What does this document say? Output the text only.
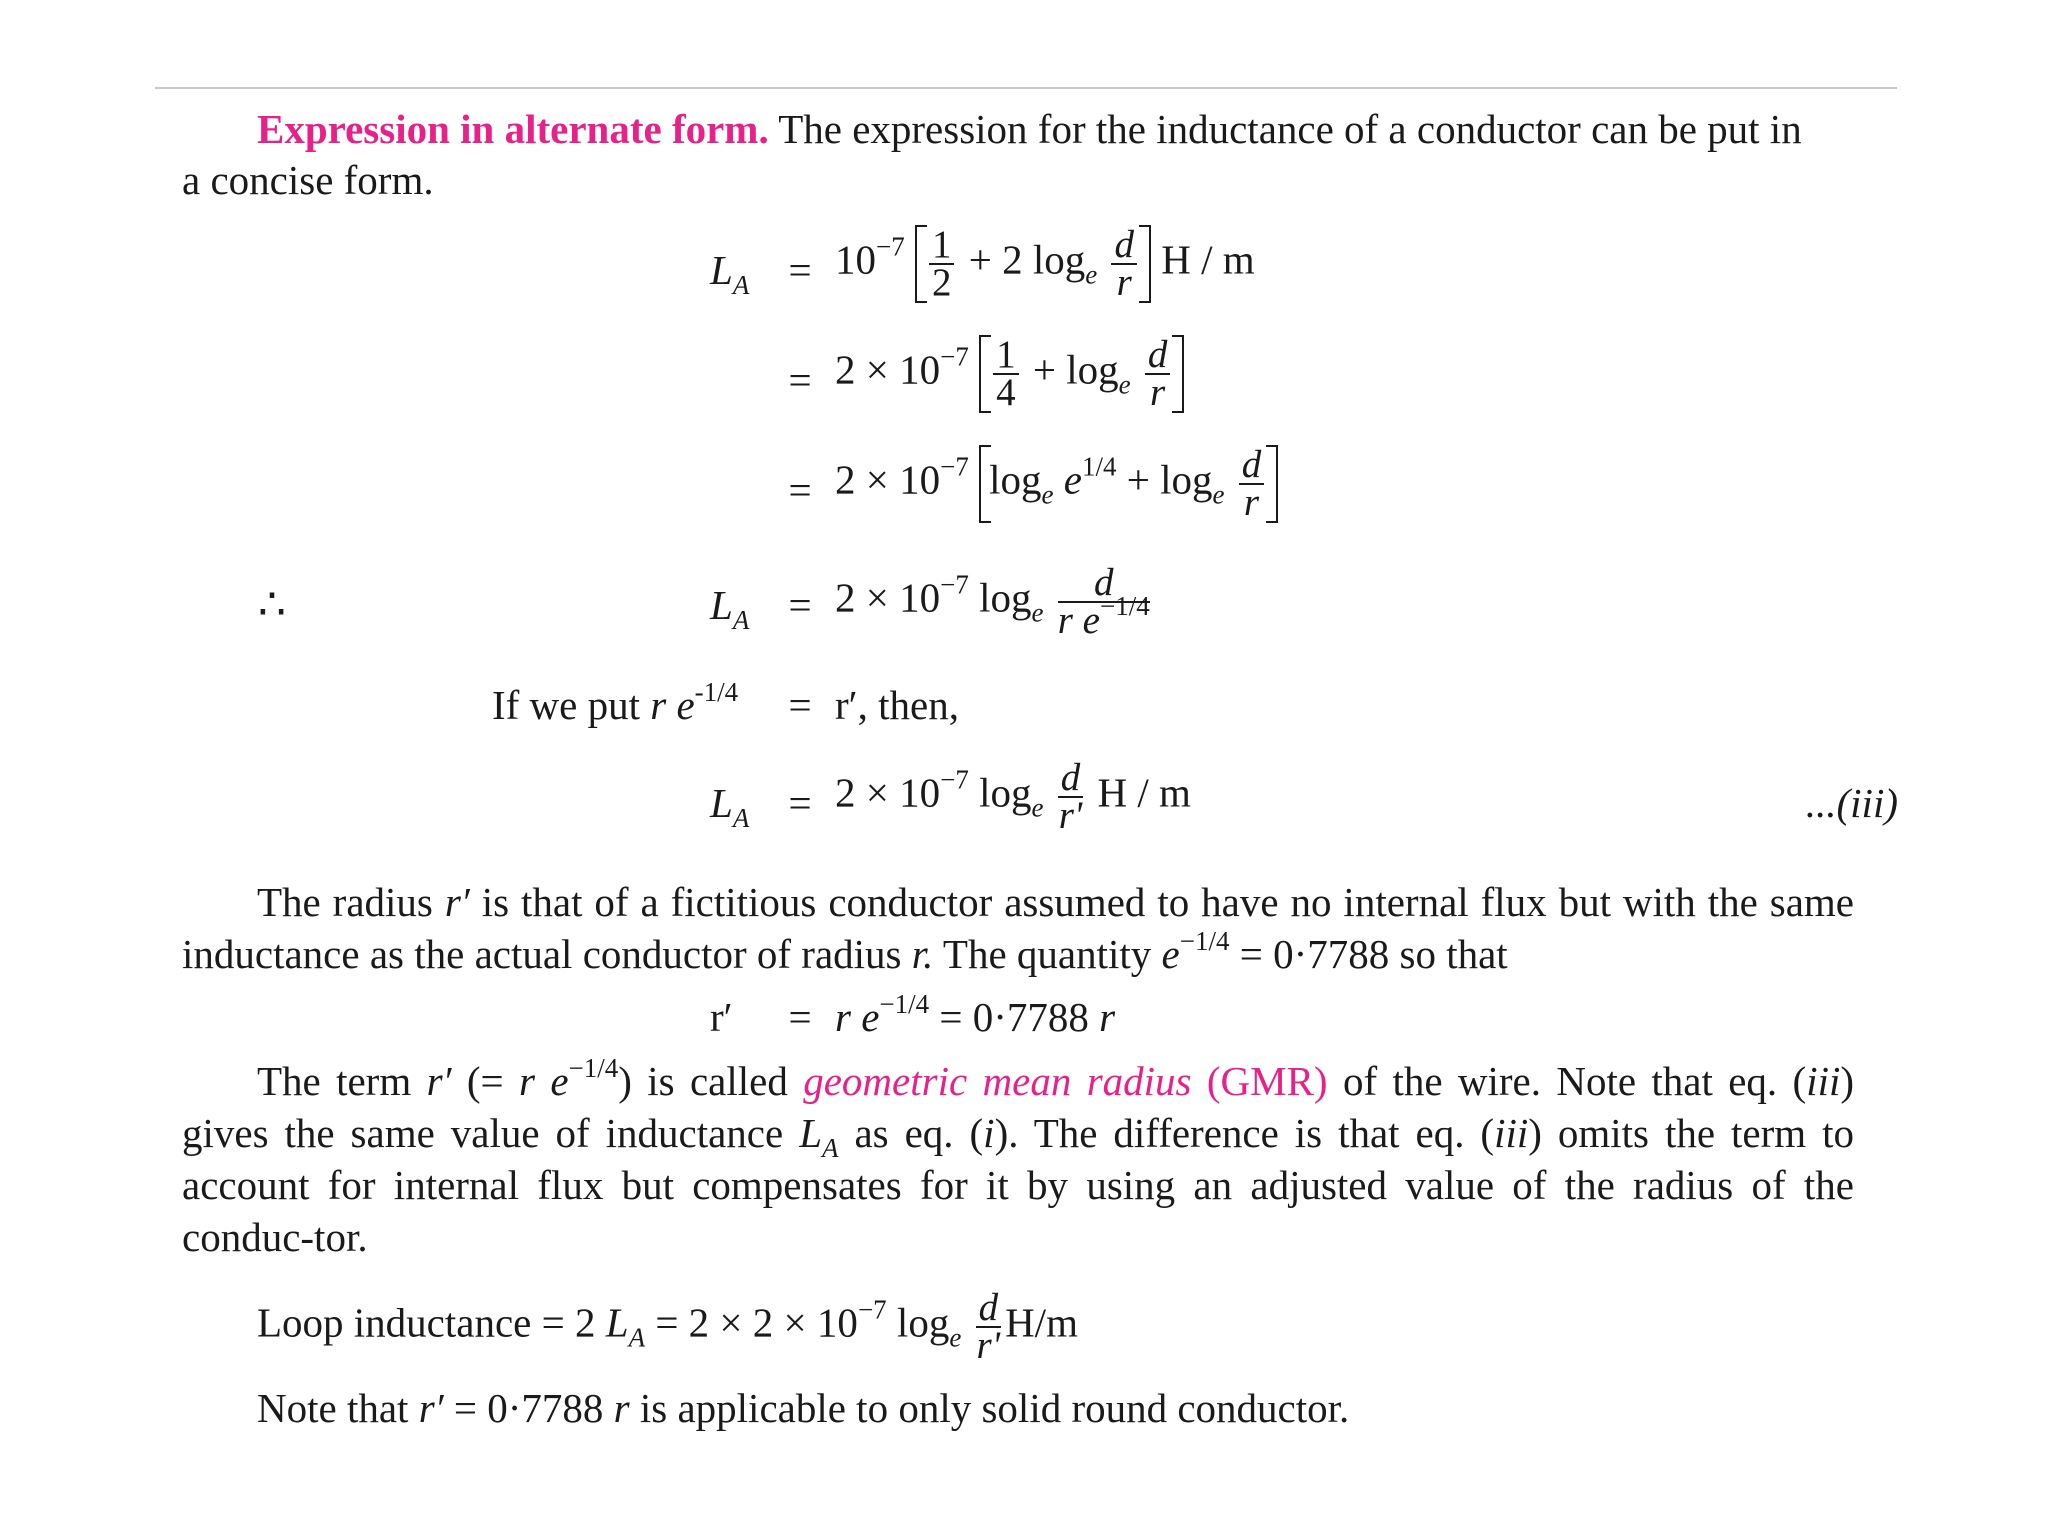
Expression in alternate form. The expression for the inductance of a conductor can be put in
a concise form.
$L_A = 10^{-7} \frac{1}{2} + 2$ $\log_e \frac{d}{r}$ H / m
= $2 \times 10^{-7} \frac{1}{4} + \log_e \frac{d}{r}$
= $2 \times 10^{-7}$ $\log_e e^{1/4} + \log_e \frac{d}{r}$
∴	$L_A = 2 \times 10^{-7}$ $\log_e \frac{d}{r e^{-1/4}}$
If we put r $e^{-1/4} = r'$, then,
$L_A = 2 \times 10^{-7}$ $\log_e \frac{d}{r'}$ H / m	...(iii)
The radius r′ is that of a fictitious conductor assumed to have no internal flux but with the same inductance as the actual conductor of radius r. The quantity $e^{-1/4} = 0\cdot 7788$ so that
r′	= r $e^{-1/4} = 0\cdot 7788$ r
The term r′ (= r $e^{-1/4}$) is called geometric mean radius (GMR) of the wire. Note that eq. (iii) gives the same value of inductance $L_A$ as eq. (i). The difference is that eq. (iii) omits the term to account for internal flux but compensates for it by using an adjusted value of the radius of the conduc-tor.
Loop inductance = 2 $L_A = 2 \times 2 \times 10^{-7}$ $\log_e \frac{d}{r'} H/m$
Note that r′ = 0·7788 r is applicable to only solid round conductor.
